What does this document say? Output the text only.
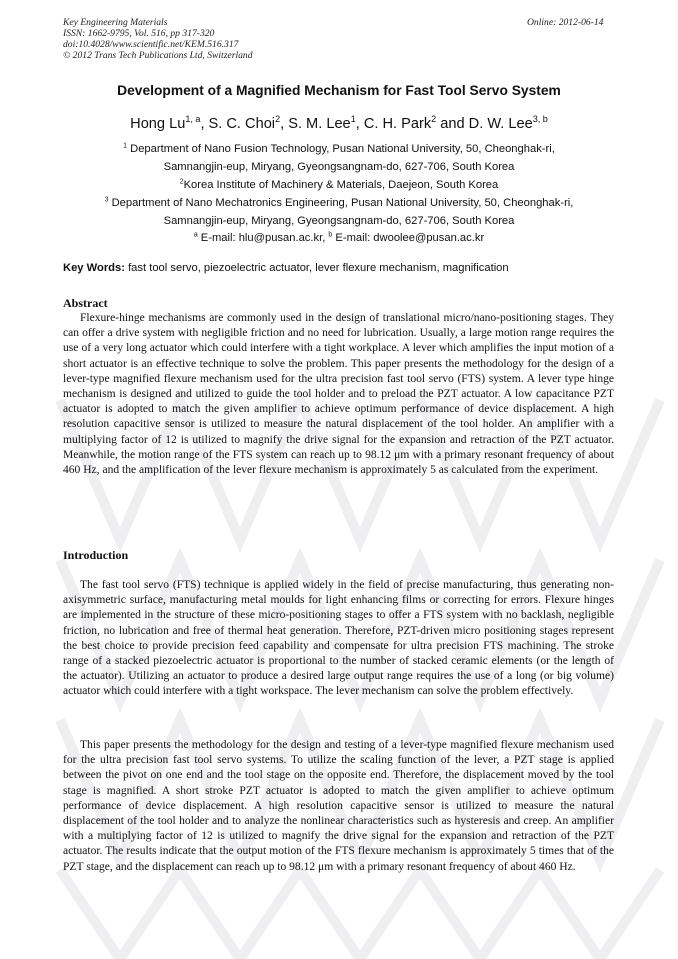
Key Engineering Materials
ISSN: 1662-9795, Vol. 516, pp 317-320
doi:10.4028/www.scientific.net/KEM.516.317
© 2012 Trans Tech Publications Ltd, Switzerland
Online: 2012-06-14
Development of a Magnified Mechanism for Fast Tool Servo System
Hong Lu$^{1, a}$, S. C. Choi$^2$, S. M. Lee$^1$, C. H. Park$^2$ and D. W. Lee$^{3, b}$
$^1$ Department of Nano Fusion Technology, Pusan National University, 50, Cheonghak-ri,
Samnangjin-eup, Miryang, Gyeongsangnam-do, 627-706, South Korea
$^2$Korea Institute of Machinery & Materials, Daejeon, South Korea
$^3$ Department of Nano Mechatronics Engineering, Pusan National University, 50, Cheonghak-ri,
Samnangjin-eup, Miryang, Gyeongsangnam-do, 627-706, South Korea
$^a$ E-mail: hlu@pusan.ac.kr, $^b$ E-mail: dwoolee@pusan.ac.kr
Key Words: fast tool servo, piezoelectric actuator, lever flexure mechanism, magnification
Abstract

Flexure-hinge mechanisms are commonly used in the design of translational micro/nano-positioning stages. They can offer a drive system with negligible friction and no need for lubrication. Usually, a large motion range requires the use of a very long actuator which could interfere with a tight workplace. A lever which amplifies the input motion of a short actuator is an effective technique to solve the problem. This paper presents the methodology for the design of a lever-type magnified flexure mechanism used for the ultra precision fast tool servo (FTS) system. A lever type hinge mechanism is designed and utilized to guide the tool holder and to preload the PZT actuator. A low capacitance PZT actuator is adopted to match the given amplifier to achieve optimum performance of device displacement. A high resolution capacitive sensor is utilized to measure the natural displacement of the tool holder. An amplifier with a multiplying factor of 12 is utilized to magnify the drive signal for the expansion and retraction of the PZT actuator. Meanwhile, the motion range of the FTS system can reach up to 98.12 μm with a primary resonant frequency of about 460 Hz, and the amplification of the lever flexure mechanism is approximately 5 as calculated from the experiment.

Introduction

The fast tool servo (FTS) technique is applied widely in the field of precise manufacturing, thus generating non-axisymmetric surface, manufacturing metal moulds for light enhancing films or correcting for errors. Flexure hinges are implemented in the structure of these micro-positioning stages to offer a FTS system with no backlash, negligible friction, no lubrication and free of thermal heat generation. Therefore, PZT-driven micro positioning stages represent the best choice to provide precision feed capability and compensate for ultra precision FTS machining. The stroke range of a stacked piezoelectric actuator is proportional to the number of stacked ceramic elements (or the length of the actuator). Utilizing an actuator to produce a desired large output range requires the use of a long (or big volume) actuator which could interfere with a tight workspace. The lever mechanism can solve the problem effectively.

This paper presents the methodology for the design and testing of a lever-type magnified flexure mechanism used for the ultra precision fast tool servo systems. To utilize the scaling function of the lever, a PZT stage is applied between the pivot on one end and the tool stage on the opposite end. Therefore, the displacement moved by the tool stage is magnified. A short stroke PZT actuator is adopted to match the given amplifier to achieve optimum performance of device displacement. A high resolution capacitive sensor is utilized to measure the natural displacement of the tool holder and to analyze the nonlinear characteristics such as hysteresis and creep. An amplifier with a multiplying factor of 12 is utilized to magnify the drive signal for the expansion and retraction of the PZT actuator. The results indicate that the output motion of the FTS flexure mechanism is approximately 5 times that of the PZT stage, and the displacement can reach up to 98.12 μm with a primary resonant frequency of about 460 Hz.
